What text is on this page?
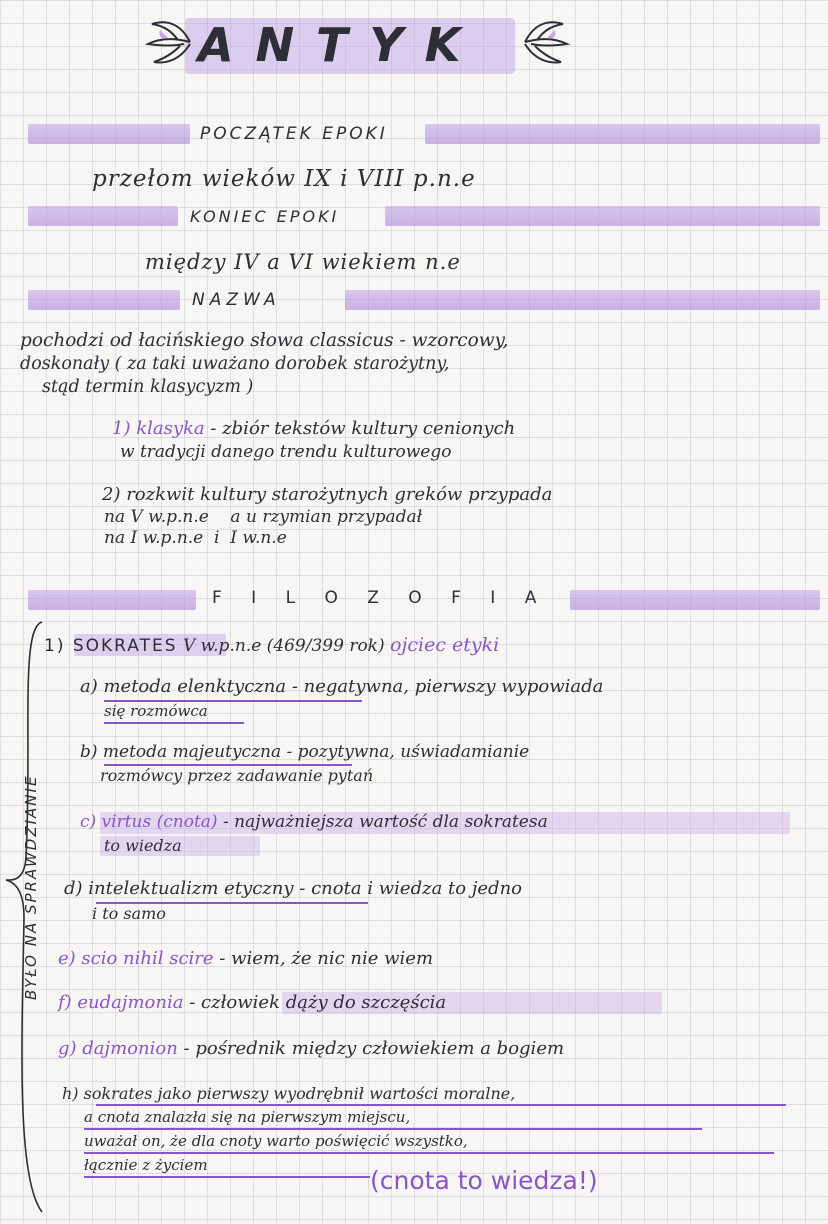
ANTYK
POCZĄTEK EPOKI
przełom wieków IX i VIII p.n.e
KONIEC EPOKI
między IV a VI wiekiem n.e
NAZWA
pochodzi od łacińskiego słowa classicus - wzorcowy,
doskonały ( za taki uważano dorobek starożytny,
stąd termin klasycyzm )
1) klasyka - zbiór tekstów kultury cenionych
w tradycji danego trendu kulturowego
2) rozkwit kultury starożytnych greków przypada
na V w.p.n.e    a u rzymian przypadał
na I w.p.n.e  i  I w.n.e
F I L O Z O F I A
BYŁO NA SPRAWDZIANIE
1) SOKRATES V w.p.n.e (469/399 rok) ojciec etyki
a) metoda elenktyczna - negatywna, pierwszy wypowiada
się rozmówca
b) metoda majeutyczna - pozytywna, uświadamianie
rozmówcy przez zadawanie pytań
c) virtus (cnota) - najważniejsza wartość dla sokratesa
to wiedza
d) intelektualizm etyczny - cnota i wiedza to jedno
i to samo
e) scio nihil scire - wiem, że nic nie wiem
f) eudajmonia - człowiek dąży do szczęścia
g) dajmonion - pośrednik między człowiekiem a bogiem
h) sokrates jako pierwszy wyodrębnił wartości moralne,
a cnota znalazła się na pierwszym miejscu,
uważał on, że dla cnoty warto poświęcić wszystko,
łącznie z życiem
(cnota to wiedza!)
